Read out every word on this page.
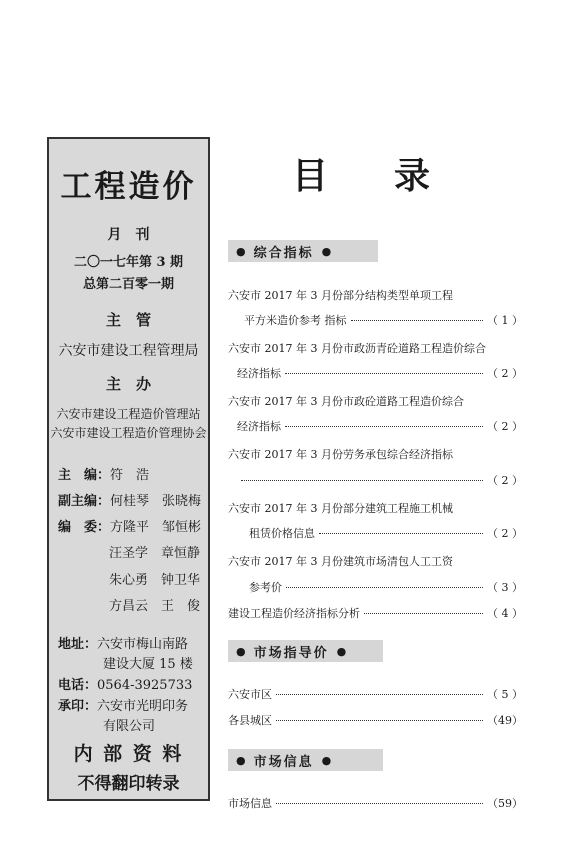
工程造价
月　刊
二〇一七年第 3 期
总第二百零一期
主　管
六安市建设工程管理局
主　办
六安市建设工程造价管理站
六安市建设工程造价管理协会
主　编：符　浩
副主编：何桂琴　张晓梅
编　委：方隆平　邹恒彬
汪圣学　章恒静
朱心勇　钟卫华
方昌云　王　俊
地址：六安市梅山南路
建设大厦 15 楼
电话：0564-3925733
承印：六安市光明印务
有限公司
内 部 资 料
不得翻印转录
目 录
● 综合指标 ●
六安市 2017 年 3 月份部分结构类型单项工程
平方米造价参考 指标	（ 1 ）
六安市 2017 年 3 月份市政沥青砼道路工程造价综合
经济指标	（ 2 ）
六安市 2017 年 3 月份市政砼道路工程造价综合
经济指标	（ 2 ）
六安市 2017 年 3 月份劳务承包综合经济指标
（ 2 ）
六安市 2017 年 3 月份部分建筑工程施工机械
租赁价格信息	（ 2 ）
六安市 2017 年 3 月份建筑市场清包人工工资
参考价	（ 3 ）
建设工程造价经济指标分析	（ 4 ）
● 市场指导价 ●
六安市区	（ 5 ）
各县城区	（49）
● 市场信息 ●
市场信息	（59）
